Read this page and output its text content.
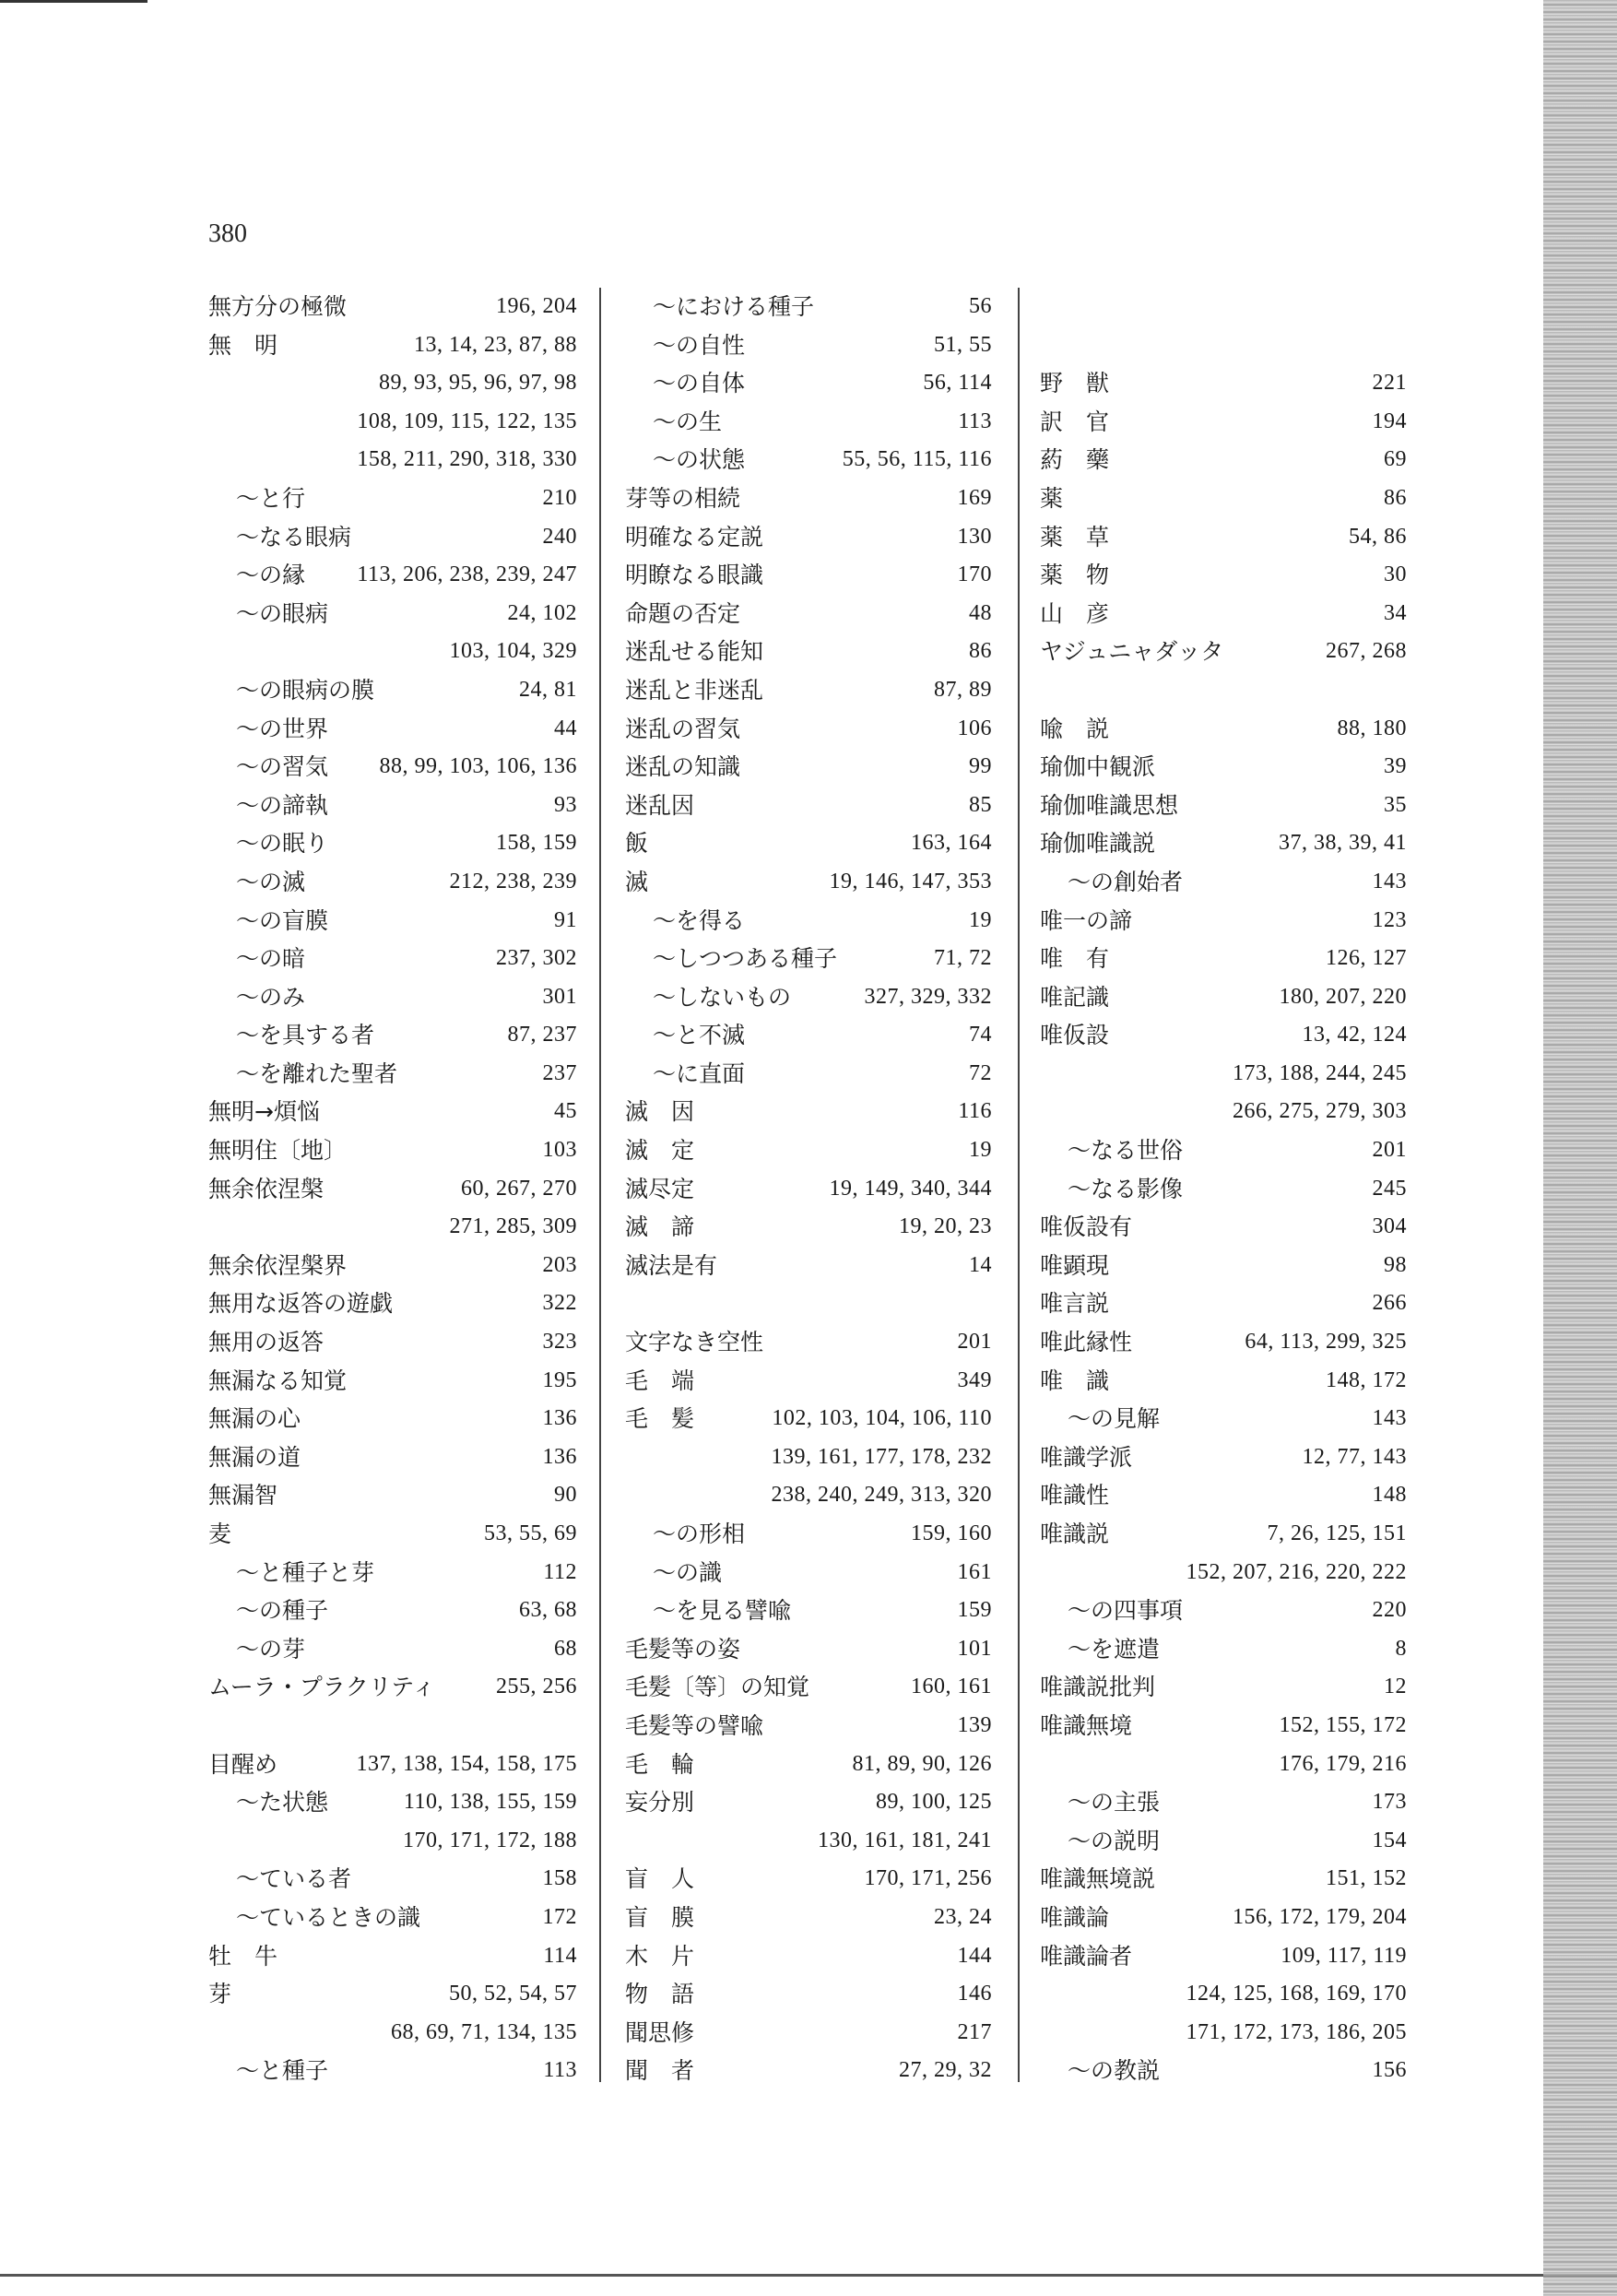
380
無方分の極微	196, 204
無　明	13, 14, 23, 87, 88
89, 93, 95, 96, 97, 98
108, 109, 115, 122, 135
158, 211, 290, 318, 330
〜と行	210
〜なる眼病	240
〜の縁 113, 206, 238, 239, 247
〜の眼病	24, 102
103, 104, 329
〜の眼病の膜	24, 81
〜の世界	44
〜の習気 88, 99, 103, 106, 136
〜の諦執	93
〜の眠り	158, 159
〜の滅	212, 238, 239
〜の盲膜	91
〜の暗	237, 302
〜のみ	301
〜を具する者	87, 237
〜を離れた聖者	237
無明→煩悩	45
無明住〔地〕	103
無余依涅槃	60, 267, 270
271, 285, 309
無余依涅槃界	203
無用な返答の遊戯	322
無用の返答	323
無漏なる知覚	195
無漏の心	136
無漏の道	136
無漏智	90
麦	53, 55, 69
〜と種子と芽	112
〜の種子	63, 68
〜の芽	68
ムーラ・プラクリティ	255, 256
目醒め	137, 138, 154, 158, 175
〜た状態	110, 138, 155, 159
170, 171, 172, 188
〜ている者	158
〜ているときの識	172
牡　牛	114
芽	50, 52, 54, 57
68, 69, 71, 134, 135
〜と種子	113
〜における種子	56
〜の自性	51, 55
〜の自体	56, 114
〜の生	113
〜の状態	55, 56, 115, 116
芽等の相続	169
明確なる定説	130
明瞭なる眼識	170
命題の否定	48
迷乱せる能知	86
迷乱と非迷乱	87, 89
迷乱の習気	106
迷乱の知識	99
迷乱因	85
飯	163, 164
滅	19, 146, 147, 353
〜を得る	19
〜しつつある種子	71, 72
〜しないもの	327, 329, 332
〜と不滅	74
〜に直面	72
滅　因	116
滅　定	19
滅尽定	19, 149, 340, 344
滅　諦	19, 20, 23
滅法是有	14
文字なき空性	201
毛　端	349
毛　髪	102, 103, 104, 106, 110
139, 161, 177, 178, 232
238, 240, 249, 313, 320
〜の形相	159, 160
〜の識	161
〜を見る譬喩	159
毛髪等の姿	101
毛髪〔等〕の知覚	160, 161
毛髪等の譬喩	139
毛　輪	81, 89, 90, 126
妄分別	89, 100, 125
130, 161, 181, 241
盲　人	170, 171, 256
盲　膜	23, 24
木　片	144
物　語	146
聞思修	217
聞　者	27, 29, 32
野　獣	221
訳　官	194
葯　藥	69
薬	86
薬　草	54, 86
薬　物	30
山　彦	34
ヤジュニャダッタ	267, 268
喩　説	88, 180
瑜伽中観派	39
瑜伽唯識思想	35
瑜伽唯識説	37, 38, 39, 41
〜の創始者	143
唯一の諦	123
唯　有	126, 127
唯記識	180, 207, 220
唯仮設	13, 42, 124
173, 188, 244, 245
266, 275, 279, 303
〜なる世俗	201
〜なる影像	245
唯仮設有	304
唯顕現	98
唯言説	266
唯此縁性	64, 113, 299, 325
唯　識	148, 172
〜の見解	143
唯識学派	12, 77, 143
唯識性	148
唯識説	7, 26, 125, 151
152, 207, 216, 220, 222
〜の四事項	220
〜を遮遣	8
唯識説批判	12
唯識無境	152, 155, 172
176, 179, 216
〜の主張	173
〜の説明	154
唯識無境説	151, 152
唯識論	156, 172, 179, 204
唯識論者	109, 117, 119
124, 125, 168, 169, 170
171, 172, 173, 186, 205
〜の教説	156
